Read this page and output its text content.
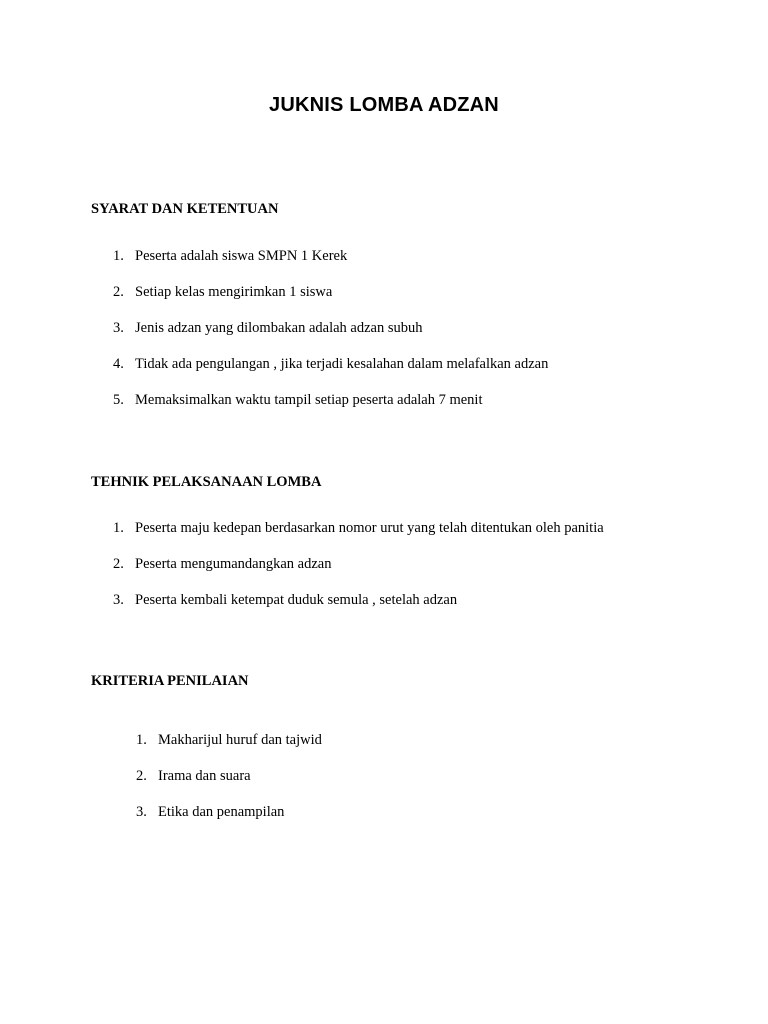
JUKNIS LOMBA ADZAN
SYARAT DAN KETENTUAN
1. Peserta adalah siswa SMPN 1 Kerek
2. Setiap kelas mengirimkan 1 siswa
3. Jenis adzan yang dilombakan adalah adzan subuh
4. Tidak ada pengulangan , jika terjadi kesalahan dalam melafalkan adzan
5. Memaksimalkan waktu tampil setiap peserta adalah 7 menit
TEHNIK PELAKSANAAN LOMBA
1. Peserta maju kedepan berdasarkan nomor urut yang telah ditentukan oleh panitia
2. Peserta mengumandangkan adzan
3. Peserta kembali ketempat duduk semula , setelah adzan
KRITERIA PENILAIAN
1. Makharijul huruf dan tajwid
2. Irama dan suara
3. Etika dan penampilan
